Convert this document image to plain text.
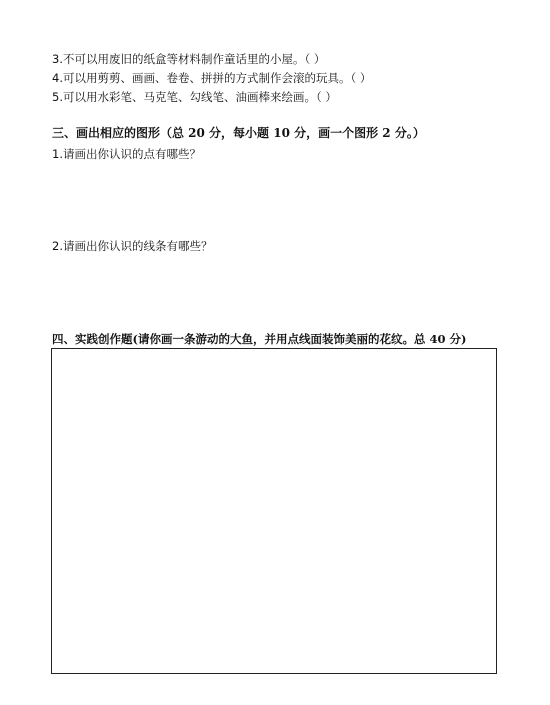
3.不可以用废旧的纸盒等材料制作童话里的小屋。（ ）
4.可以用剪剪、画画、卷卷、拼拼的方式制作会滚的玩具。（ ）
5.可以用水彩笔、马克笔、勾线笔、油画棒来绘画。（ ）
三、画出相应的图形（总 20 分，每小题 10 分，画一个图形 2 分。）
1.请画出你认识的点有哪些？
2.请画出你认识的线条有哪些？
四、实践创作题(请你画一条游动的大鱼，并用点线面装饰美丽的花纹。总 40 分)
